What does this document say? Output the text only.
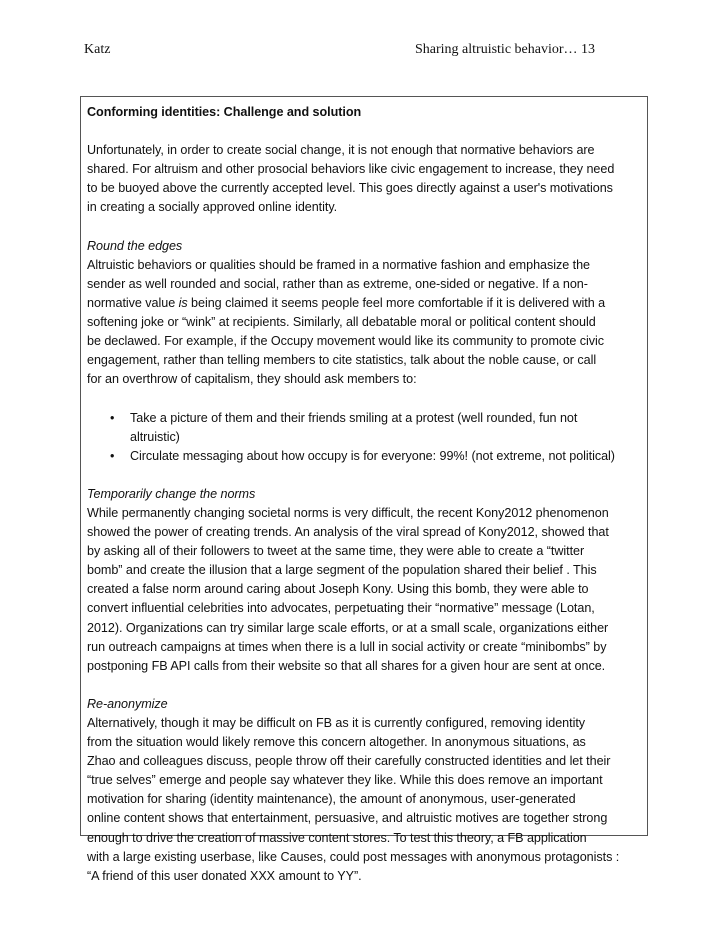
Katz	Sharing altruistic behavior… 13

Conforming identities: Challenge and solution

Unfortunately, in order to create social change, it is not enough that normative behaviors are
shared. For altruism and other prosocial behaviors like civic engagement to increase, they need
to be buoyed above the currently accepted level. This goes directly against a user's motivations
in creating a socially approved online identity.

Round the edges

Altruistic behaviors or qualities should be framed in a normative fashion and emphasize the
sender as well rounded and social, rather than as extreme, one-sided or negative. If a non-
normative value is being claimed it seems people feel more comfortable if it is delivered with a
softening joke or “wink” at recipients. Similarly, all debatable moral or political content should
be declawed. For example, if the Occupy movement would like its community to promote civic
engagement, rather than telling members to cite statistics, talk about the noble cause, or call
for an overthrow of capitalism, they should ask members to:
• Take a picture of them and their friends smiling at a protest (well rounded, fun not
altruistic)
• Circulate messaging about how occupy is for everyone: 99%! (not extreme, not political)

Temporarily change the norms

While permanently changing societal norms is very difficult, the recent Kony2012 phenomenon
showed the power of creating trends. An analysis of the viral spread of Kony2012, showed that
by asking all of their followers to tweet at the same time, they were able to create a “twitter
bomb” and create the illusion that a large segment of the population shared their belief . This
created a false norm around caring about Joseph Kony. Using this bomb, they were able to
convert influential celebrities into advocates, perpetuating their “normative” message (Lotan,
2012). Organizations can try similar large scale efforts, or at a small scale, organizations either
run outreach campaigns at times when there is a lull in social activity or create “minibombs” by
postponing FB API calls from their website so that all shares for a given hour are sent at once.

Re-anonymize

Alternatively, though it may be difficult on FB as it is currently configured, removing identity
from the situation would likely remove this concern altogether. In anonymous situations, as
Zhao and colleagues discuss, people throw off their carefully constructed identities and let their
“true selves” emerge and people say whatever they like. While this does remove an important
motivation for sharing (identity maintenance), the amount of anonymous, user-generated
online content shows that entertainment, persuasive, and altruistic motives are together strong
enough to drive the creation of massive content stores. To test this theory, a FB application
with a large existing userbase, like Causes, could post messages with anonymous protagonists :
“A friend of this user donated XXX amount to YY”.
